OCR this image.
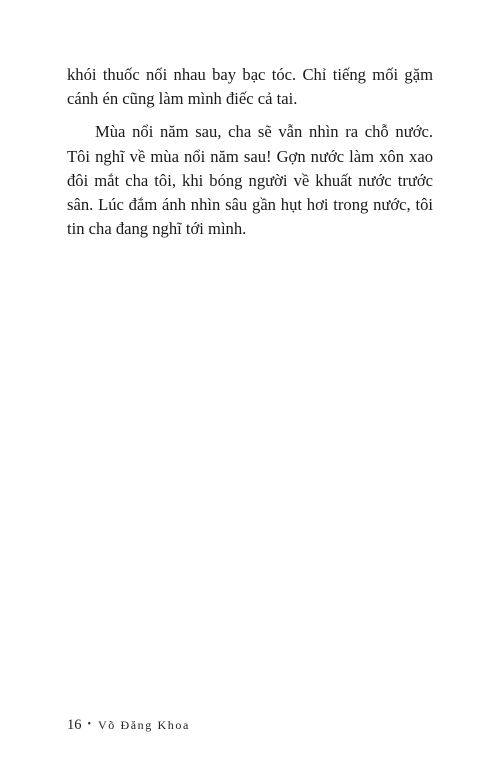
khói thuốc nối nhau bay bạc tóc. Chỉ tiếng mối gặm cánh én cũng làm mình điếc cả tai.

Mùa nổi năm sau, cha sẽ vẫn nhìn ra chỗ nước. Tôi nghĩ về mùa nổi năm sau! Gợn nước làm xôn xao đôi mắt cha tôi, khi bóng người về khuất nước trước sân. Lúc đắm ánh nhìn sâu gần hụt hơi trong nước, tôi tin cha đang nghĩ tới mình.

16 • Võ Đăng Khoa
